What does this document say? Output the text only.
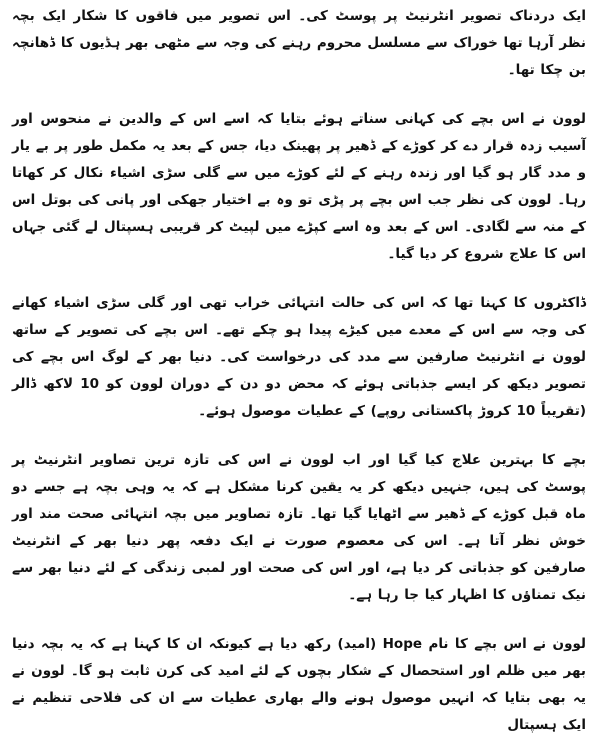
ایک دردناک تصویر انٹرنیٹ پر پوسٹ کی۔ اس تصویر میں فاقوں کا شکار ایک بچہ نظر آرہا تھا خوراک سے مسلسل محروم رہنے کی وجہ سے مٹھی بھر ہڈیوں کا ڈھانچہ بن چکا تھا۔

لوون نے اس بچے کی کہانی سناتے ہوئے بتایا کہ اسے اس کے والدین نے منحوس اور آسیب زدہ قرار دے کر کوڑے کے ڈھیر پر پھینک دیا، جس کے بعد یہ مکمل طور پر بے یار و مدد گار ہو گیا اور زندہ رہنے کے لئے کوڑے میں سے گلی سڑی اشیاء نکال کر کھاتا رہا۔ لوون کی نظر جب اس بچے پر پڑی تو وہ بے اختیار جھکی اور پانی کی بوتل اس کے منہ سے لگادی۔ اس کے بعد وہ اسے کپڑے میں لپیٹ کر قریبی ہسپتال لے گئی جہاں اس کا علاج شروع کر دیا گیا۔

ڈاکٹروں کا کہنا تھا کہ اس کی حالت انتہائی خراب تھی اور گلی سڑی اشیاء کھانے کی وجہ سے اس کے معدے میں کیڑے پیدا ہو چکے تھے۔ اس بچے کی تصویر کے ساتھ لوون نے انٹرنیٹ صارفین سے مدد کی درخواست کی۔ دنیا بھر کے لوگ اس بچے کی تصویر دیکھ کر ایسے جذباتی ہوئے کہ محض دو دن کے دوران لوون کو 10 لاکھ ڈالر (تقریباً 10 کروڑ پاکستانی روپے) کے عطیات موصول ہوئے۔

بچے کا بہترین علاج کیا گیا اور اب لوون نے اس کی تازہ ترین تصاویر انٹرنیٹ پر پوسٹ کی ہیں، جنہیں دیکھ کر یہ یقین کرنا مشکل ہے کہ یہ وہی بچہ ہے جسے دو ماہ قبل کوڑے کے ڈھیر سے اٹھایا گیا تھا۔ تازہ تصاویر میں بچہ انتہائی صحت مند اور خوش نظر آتا ہے۔ اس کی معصوم صورت نے ایک دفعہ پھر دنیا بھر کے انٹرنیٹ صارفین کو جذباتی کر دیا ہے، اور اس کی صحت اور لمبی زندگی کے لئے دنیا بھر سے نیک تمناؤں کا اظہار کیا جا رہا ہے۔

لوون نے اس بچے کا نام Hope (امید) رکھ دیا ہے کیونکہ ان کا کہنا ہے کہ یہ بچہ دنیا بھر میں ظلم اور استحصال کے شکار بچوں کے لئے امید کی کرن ثابت ہو گا۔ لوون نے یہ بھی بتایا کہ انہیں موصول ہونے والے بھاری عطیات سے ان کی فلاحی تنظیم نے ایک ہسپتال
